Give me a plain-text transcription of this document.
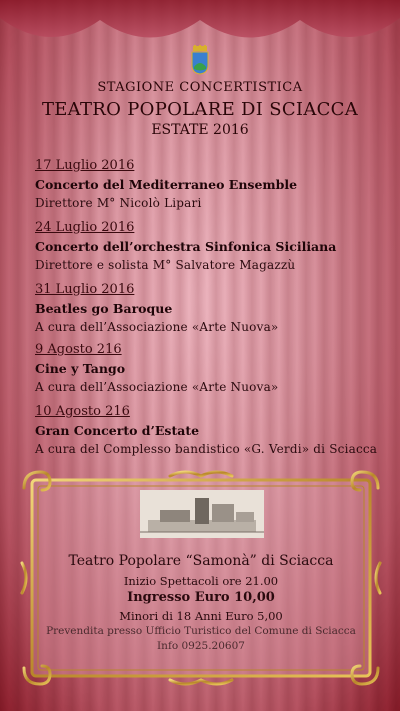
STAGIONE CONCERTISTICA
TEATRO POPOLARE DI SCIACCA
ESTATE 2016
17 Luglio 2016
Concerto del Mediterraneo Ensemble
Direttore M° Nicolò Lipari
24 Luglio 2016
Concerto dell’orchestra Sinfonica Siciliana
Direttore e solista M° Salvatore Magazzù
31 Luglio 2016
Beatles go Baroque
A cura dell’Associazione «Arte Nuova»
9 Agosto 216
Cine y Tango
A cura dell’Associazione «Arte Nuova»
10 Agosto 216
Gran Concerto d’Estate
A cura del Complesso bandistico «G. Verdi» di Sciacca
Teatro Popolare “Samonà” di Sciacca
Inizio Spettacoli ore 21.00
Ingresso Euro 10,00
Minori di 18 Anni Euro 5,00
Prevendita presso Ufficio Turistico del Comune di Sciacca
Info 0925.20607
